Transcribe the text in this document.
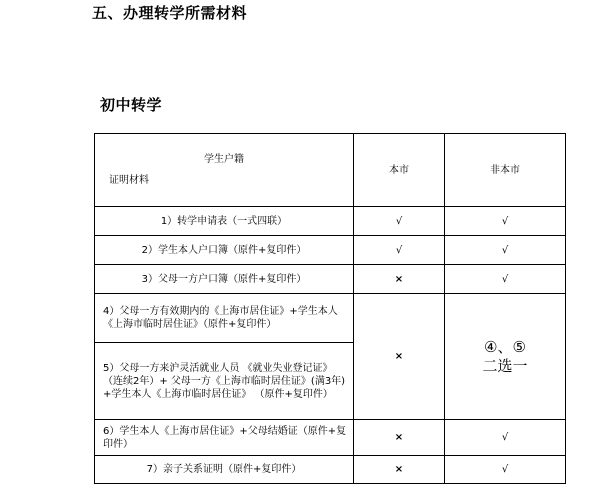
五、办理转学所需材料
初中转学
学生户籍
证明材料	本市	非本市

1）转学申请表（一式四联）	√	√

2）学生本人户口簿（原件+复印件）	√	√

3）父母一方户口簿（原件+复印件）	×	√

4）父母一方有效期内的《上海市居住证》+学生本人《上海市临时居住证》（原件+复印件）	×	④、⑤
二选一

5）父母一方来沪灵活就业人员 《就业失业登记证》（连续2年）+ 父母一方《上海市临时居住证》(满3年) +学生本人《上海市临时居住证》 （原件+复印件）		

6）学生本人《上海市居住证》+父母结婚证（原件+复印件）	×	√

7）亲子关系证明（原件+复印件）	×	√
